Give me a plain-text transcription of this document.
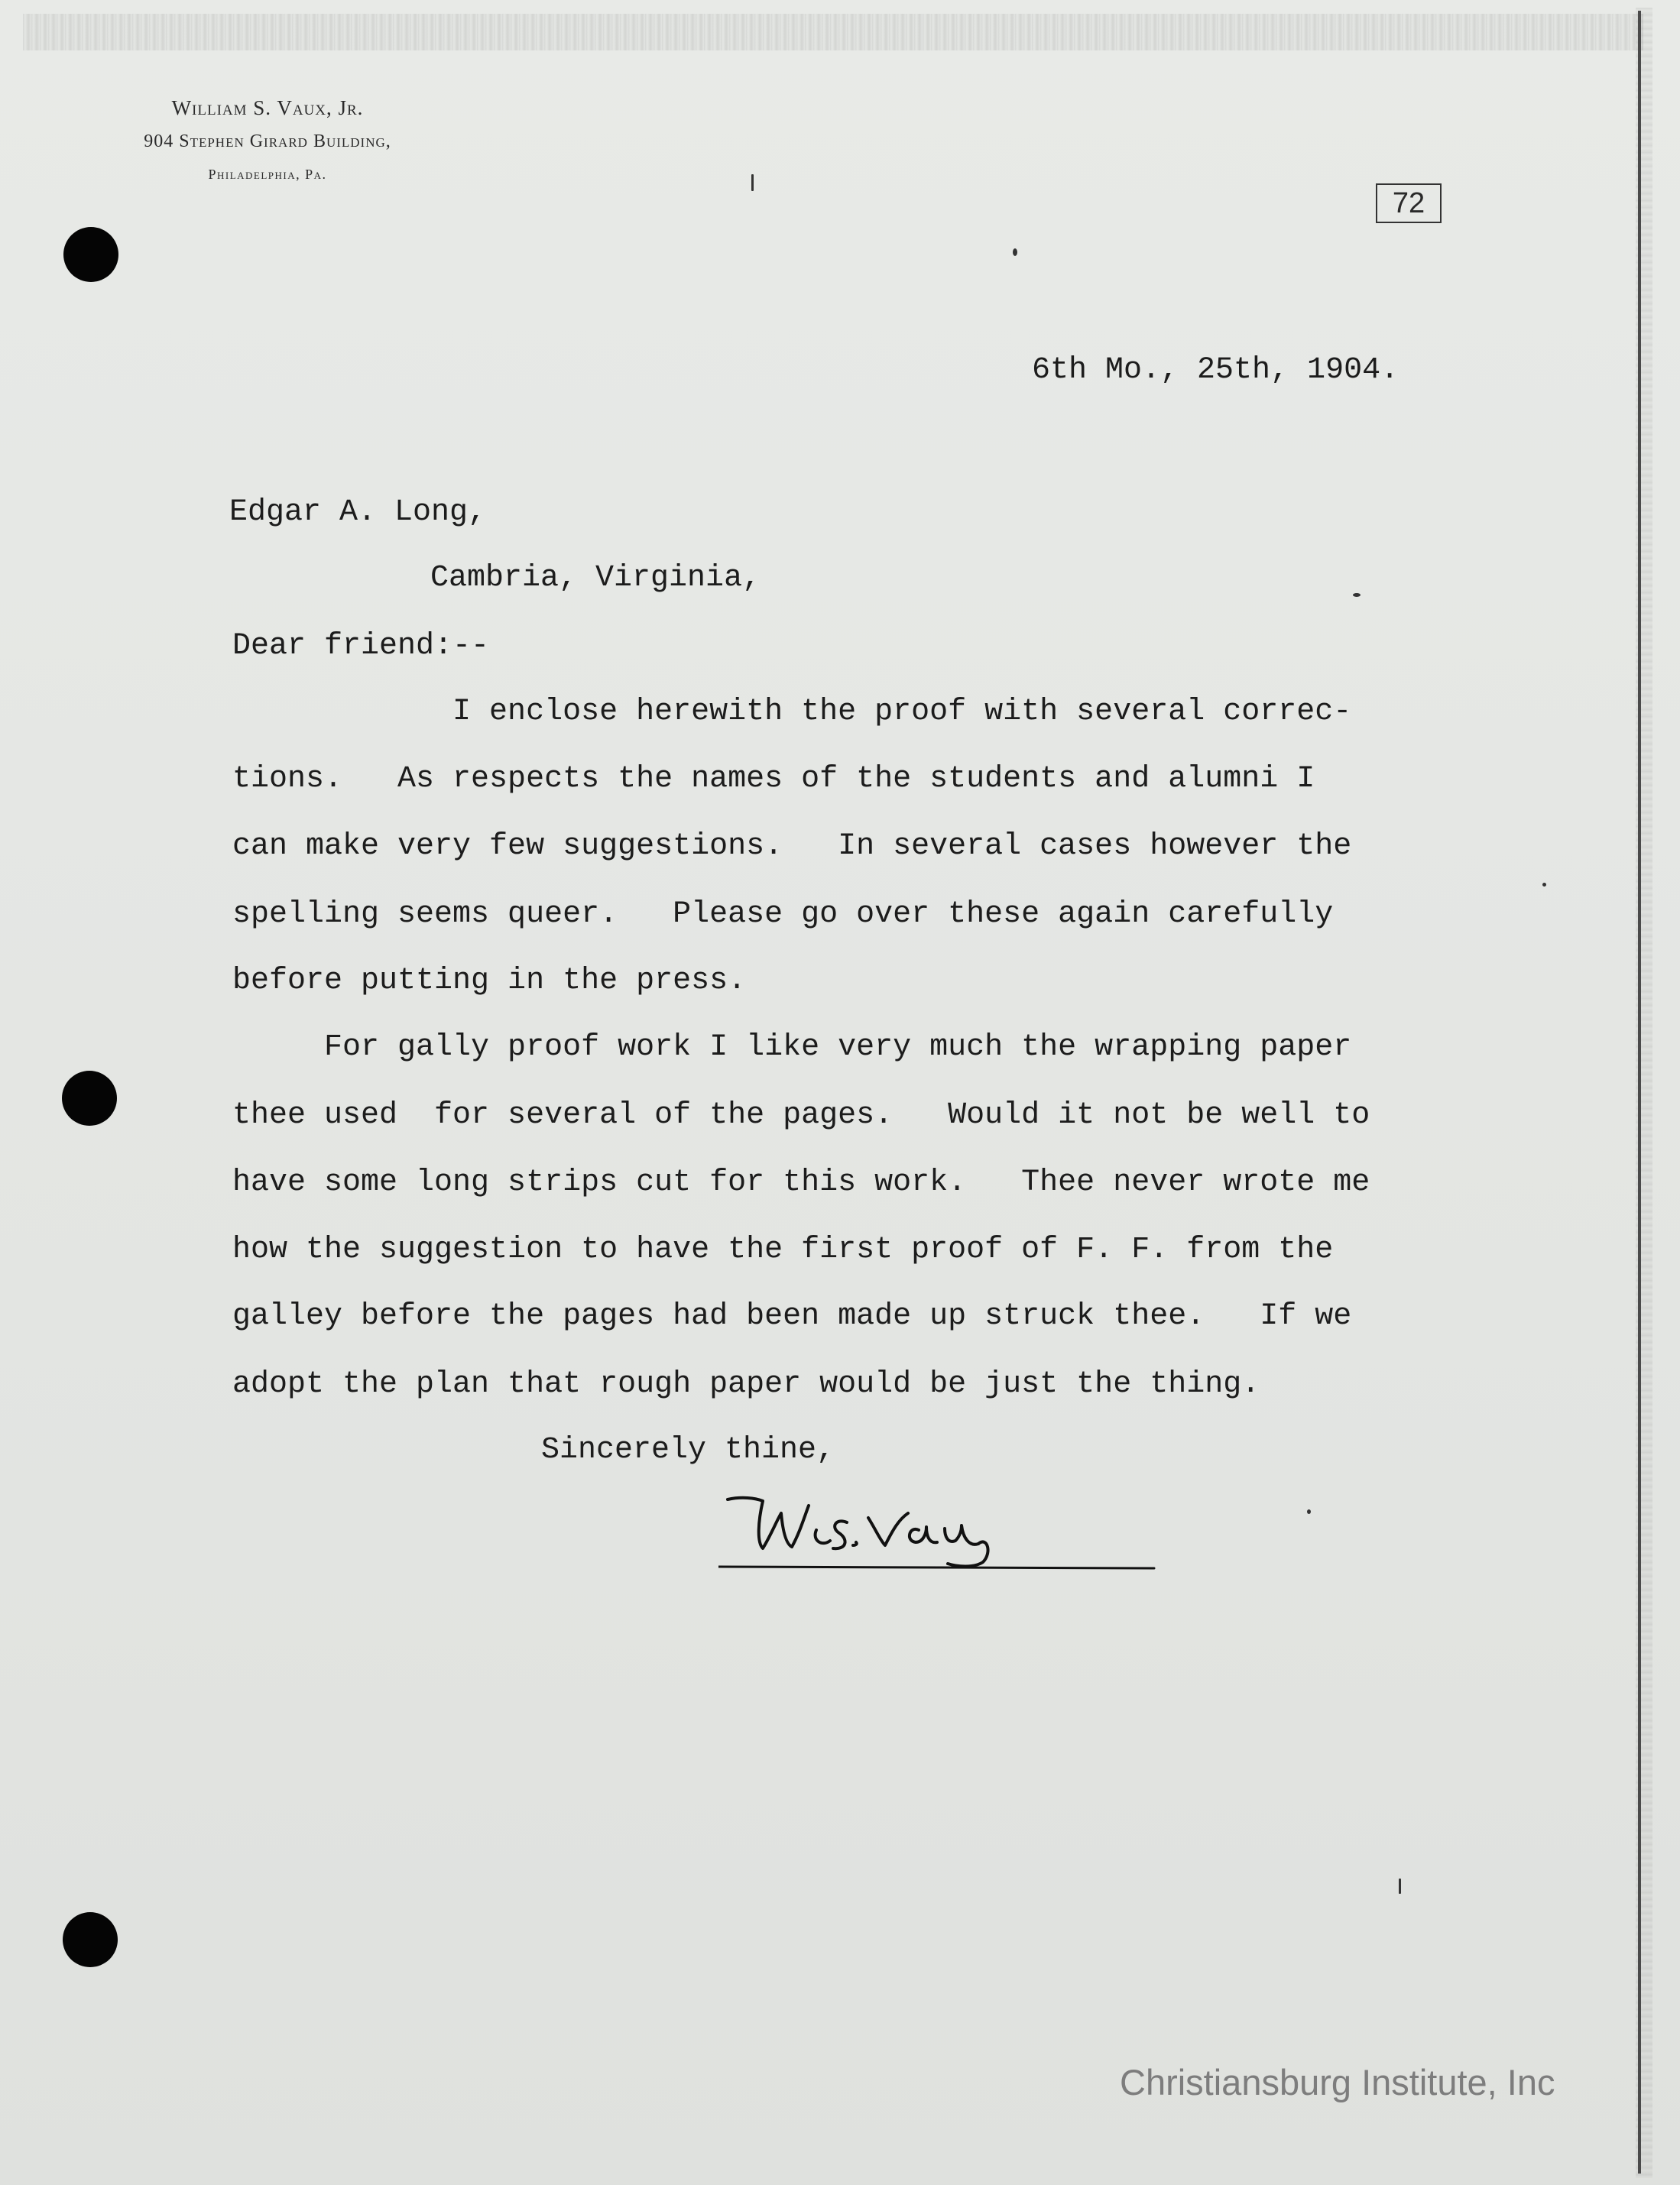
William S. Vaux, Jr.
904 Stephen Girard Building,
Philadelphia, Pa.
72
6th Mo., 25th, 1904.
Edgar A. Long,
Cambria, Virginia,
Dear friend:--
I enclose herewith the proof with several correc-
tions.   As respects the names of the students and alumni I
can make very few suggestions.   In several cases however the
spelling seems queer.   Please go over these again carefully
before putting in the press.
For gally proof work I like very much the wrapping paper
thee used  for several of the pages.   Would it not be well to
have some long strips cut for this work.   Thee never wrote me
how the suggestion to have the first proof of F. F. from the
galley before the pages had been made up struck thee.   If we
adopt the plan that rough paper would be just the thing.
Sincerely thine,
Christiansburg Institute, Inc
